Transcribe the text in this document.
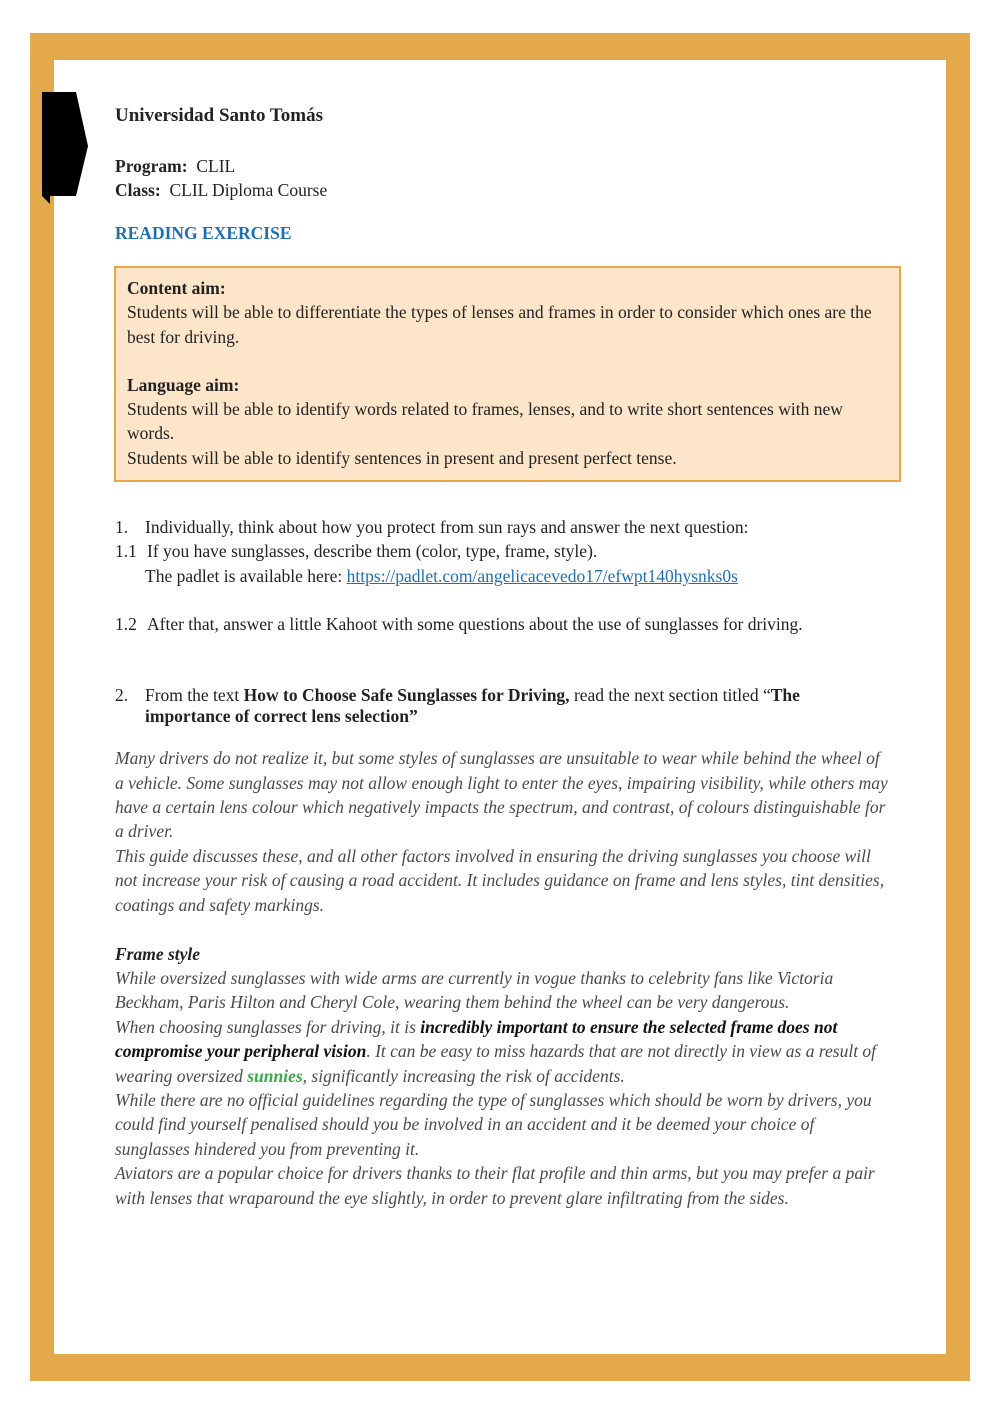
Universidad Santo Tomás
Program: CLIL
Class: CLIL Diploma Course
READING EXERCISE
Content aim:
Students will be able to differentiate the types of lenses and frames in order to consider which ones are the best for driving.
Language aim:
Students will be able to identify words related to frames, lenses, and to write short sentences with new words.
Students will be able to identify sentences in present and present perfect tense.
1. Individually, think about how you protect from sun rays and answer the next question:
1.1 If you have sunglasses, describe them (color, type, frame, style).
The padlet is available here: https://padlet.com/angelicacevedo17/efwpt140hysnks0s
1.2 After that, answer a little Kahoot with some questions about the use of sunglasses for driving.
2. From the text How to Choose Safe Sunglasses for Driving, read the next section titled “The importance of correct lens selection”
Many drivers do not realize it, but some styles of sunglasses are unsuitable to wear while behind the wheel of a vehicle. Some sunglasses may not allow enough light to enter the eyes, impairing visibility, while others may have a certain lens colour which negatively impacts the spectrum, and contrast, of colours distinguishable for a driver.
This guide discusses these, and all other factors involved in ensuring the driving sunglasses you choose will not increase your risk of causing a road accident. It includes guidance on frame and lens styles, tint densities, coatings and safety markings.
Frame style
While oversized sunglasses with wide arms are currently in vogue thanks to celebrity fans like Victoria Beckham, Paris Hilton and Cheryl Cole, wearing them behind the wheel can be very dangerous.
When choosing sunglasses for driving, it is incredibly important to ensure the selected frame does not compromise your peripheral vision. It can be easy to miss hazards that are not directly in view as a result of wearing oversized sunnies, significantly increasing the risk of accidents.
While there are no official guidelines regarding the type of sunglasses which should be worn by drivers, you could find yourself penalised should you be involved in an accident and it be deemed your choice of sunglasses hindered you from preventing it.
Aviators are a popular choice for drivers thanks to their flat profile and thin arms, but you may prefer a pair with lenses that wraparound the eye slightly, in order to prevent glare infiltrating from the sides.
